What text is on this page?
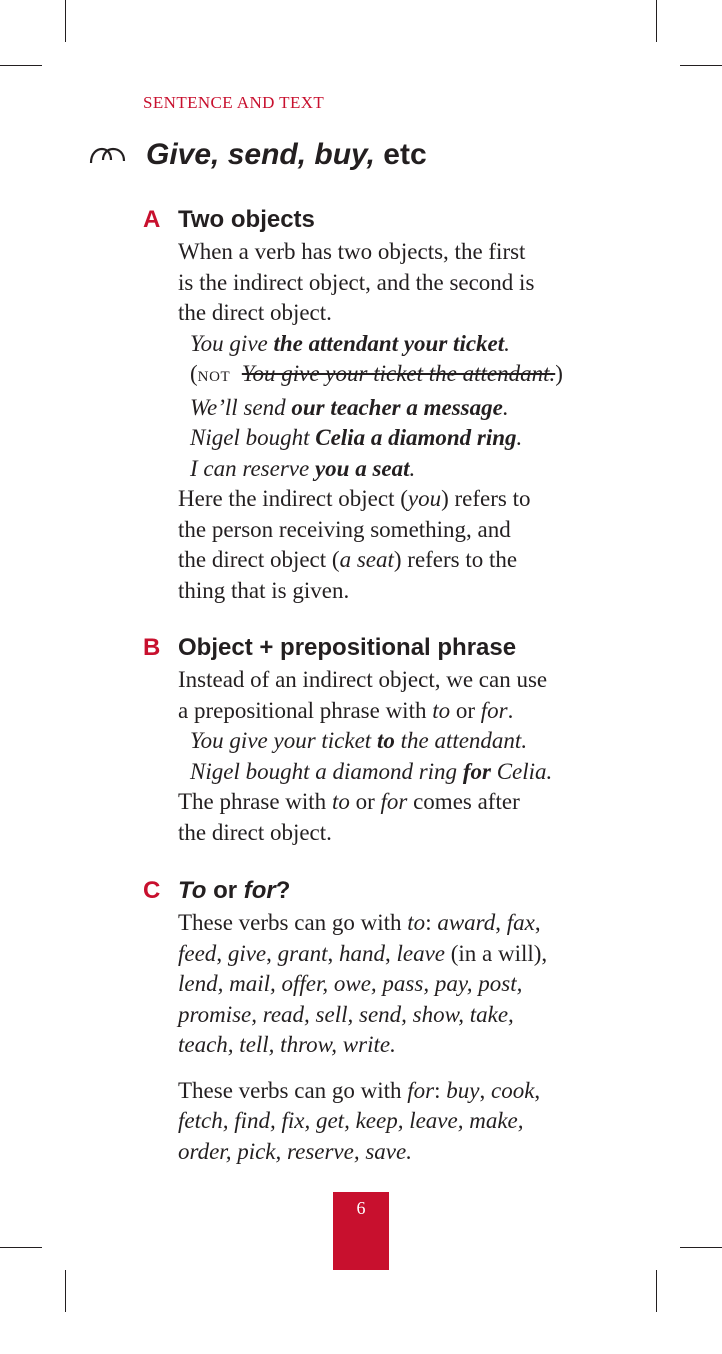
SENTENCE AND TEXT
Give, send, buy, etc
A Two objects
When a verb has two objects, the first
is the indirect object, and the second is
the direct object.
You give the attendant your ticket.
(NOT You give your ticket the attendant.)
We’ll send our teacher a message.
Nigel bought Celia a diamond ring.
I can reserve you a seat.
Here the indirect object (you) refers to
the person receiving something, and
the direct object (a seat) refers to the
thing that is given.
B Object + prepositional phrase
Instead of an indirect object, we can use
a prepositional phrase with to or for.
You give your ticket to the attendant.
Nigel bought a diamond ring for Celia.
The phrase with to or for comes after
the direct object.
C To or for?
These verbs can go with to: award, fax,
feed, give, grant, hand, leave (in a will),
lend, mail, offer, owe, pass, pay, post,
promise, read, sell, send, show, take,
teach, tell, throw, write.
These verbs can go with for: buy, cook,
fetch, find, fix, get, keep, leave, make,
order, pick, reserve, save.
6
